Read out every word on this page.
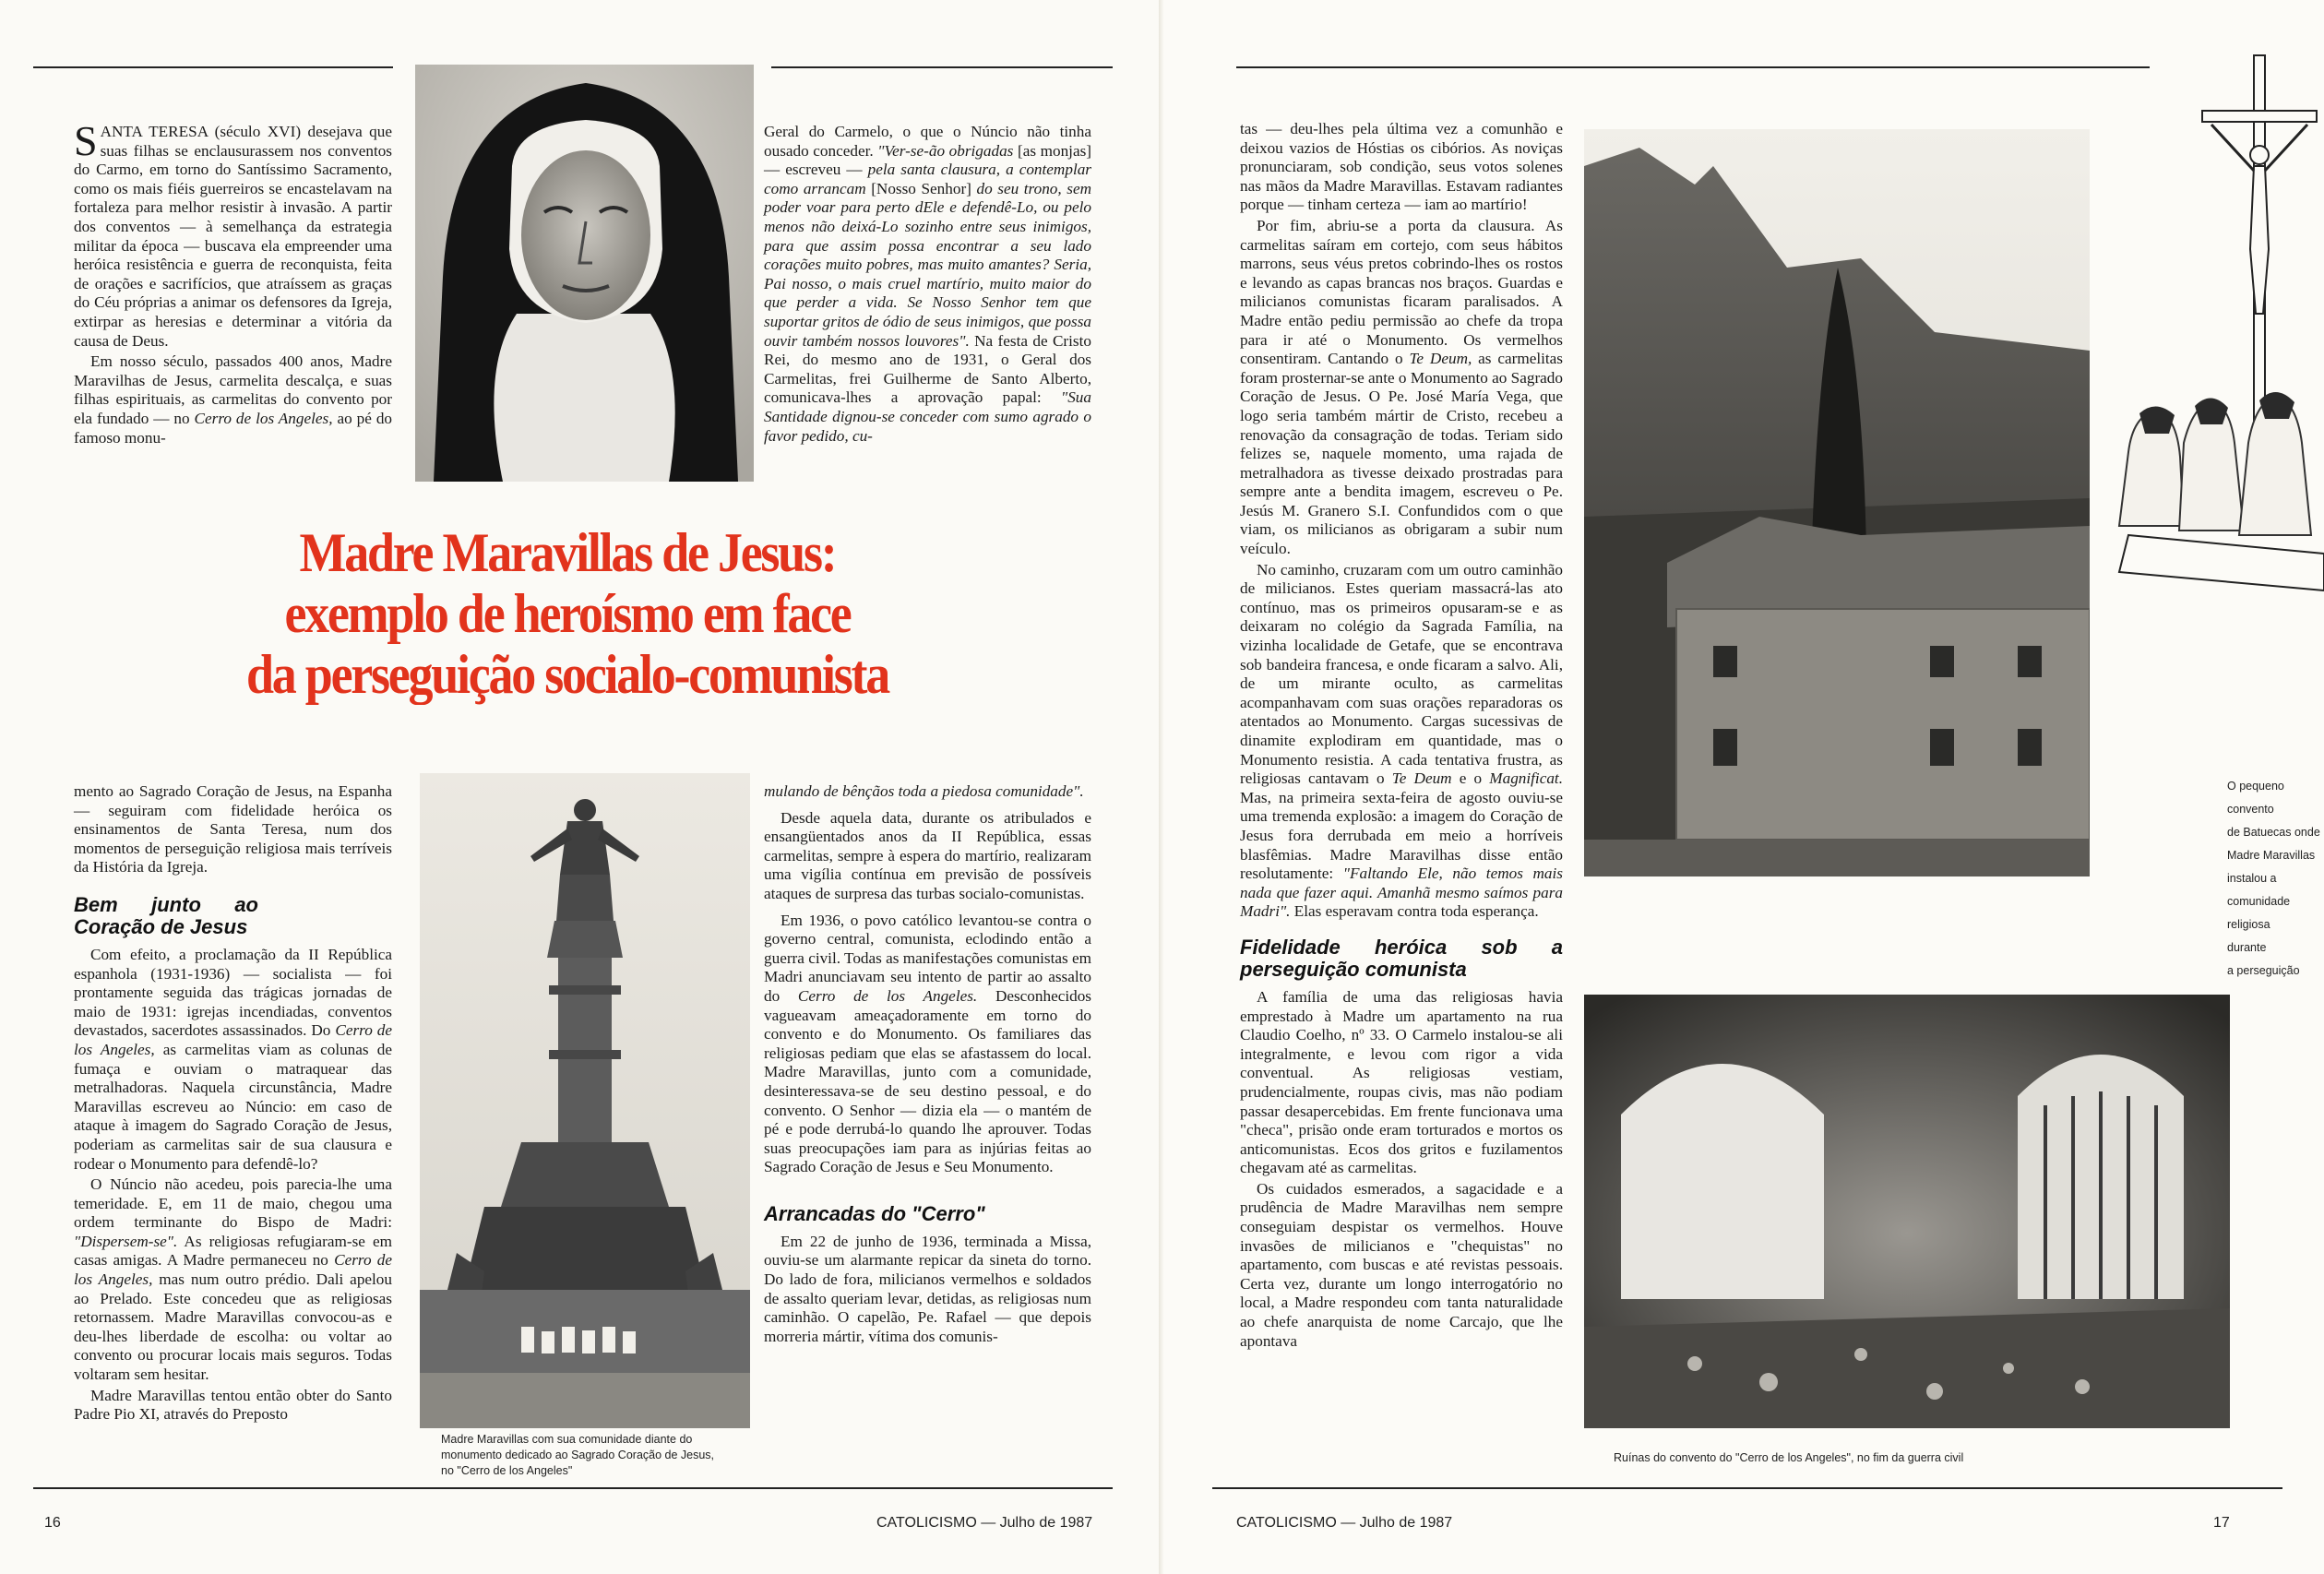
SANTA TERESA (século XVI) desejava que suas filhas se enclausurassem nos conventos do Carmo, em torno do Santíssimo Sacramento, como os mais fiéis guerreiros se encastelavam na fortaleza para melhor resistir à invasão. A partir dos conventos — à semelhança da estrategia militar da época — buscava ela empreender uma heróica resistência e guerra de reconquista, feita de orações e sacrifícios, que atraíssem as graças do Céu próprias a animar os defensores da Igreja, extirpar as heresias e determinar a vitória da causa de Deus.

Em nosso século, passados 400 anos, Madre Maravilhas de Jesus, carmelita descalça, e suas filhas espirituais, as carmelitas do convento por ela fundado — no Cerro de los Angeles, ao pé do famoso monu-

Geral do Carmelo, o que o Núncio não tinha ousado conceder. "Ver-se-ão obrigadas [as monjas] — escreveu — pela santa clausura, a contemplar como arrancam [Nosso Senhor] do seu trono, sem poder voar para perto dEle e defendê-Lo, ou pelo menos não deixá-Lo sozinho entre seus inimigos, para que assim possa encontrar a seu lado corações muito pobres, mas muito amantes? Seria, Pai nosso, o mais cruel martírio, muito maior do que perder a vida. Se Nosso Senhor tem que suportar gritos de ódio de seus inimigos, que possa ouvir também nossos louvores". Na festa de Cristo Rei, do mesmo ano de 1931, o Geral dos Carmelitas, frei Guilherme de Santo Alberto, comunicava-lhes a aprovação papal: "Sua Santidade dignou-se conceder com sumo agrado o favor pedido, cu-

Madre Maravillas de Jesus:
exemplo de heroísmo em face
da perseguição socialo-comunista

mento ao Sagrado Coração de Jesus, na Espanha — seguiram com fidelidade heróica os ensinamentos de Santa Teresa, num dos momentos de perseguição religiosa mais terríveis da História da Igreja.

Bem junto ao Coração de Jesus

Com efeito, a proclamação da II República espanhola (1931-1936) — socialista — foi prontamente seguida das trágicas jornadas de maio de 1931: igrejas incendiadas, conventos devastados, sacerdotes assassinados. Do Cerro de los Angeles, as carmelitas viam as colunas de fumaça e ouviam o matraquear das metralhadoras. Naquela circunstância, Madre Maravillas escreveu ao Núncio: em caso de ataque à imagem do Sagrado Coração de Jesus, poderiam as carmelitas sair de sua clausura e rodear o Monumento para defendê-lo?

O Núncio não acedeu, pois parecia-lhe uma temeridade. E, em 11 de maio, chegou uma ordem terminante do Bispo de Madri: "Dispersem-se". As religiosas refugiaram-se em casas amigas. A Madre permaneceu no Cerro de los Angeles, mas num outro prédio. Dali apelou ao Prelado. Este concedeu que as religiosas retornassem. Madre Maravillas convocou-as e deu-lhes liberdade de escolha: ou voltar ao convento ou procurar locais mais seguros. Todas voltaram sem hesitar.

Madre Maravillas tentou então obter do Santo Padre Pio XI, através do Preposto

Madre Maravillas com sua comunidade diante do monumento dedicado ao Sagrado Coração de Jesus, no "Cerro de los Angeles"

mulando de bênçãos toda a piedosa comunidade".

Desde aquela data, durante os atribulados e ensangüentados anos da II República, essas carmelitas, sempre à espera do martírio, realizaram uma vigília contínua em previsão de possíveis ataques de surpresa das turbas socialo-comunistas.

Em 1936, o povo católico levantou-se contra o governo central, comunista, eclodindo então a guerra civil. Todas as manifestações comunistas em Madri anunciavam seu intento de partir ao assalto do Cerro de los Angeles. Desconhecidos vagueavam ameaçadoramente em torno do convento e do Monumento. Os familiares das religiosas pediam que elas se afastassem do local. Madre Maravillas, junto com a comunidade, desinteressava-se de seu destino pessoal, e do convento. O Senhor — dizia ela — o mantém de pé e pode derrubá-lo quando lhe aprouver. Todas suas preocupações iam para as injúrias feitas ao Sagrado Coração de Jesus e Seu Monumento.

Arrancadas do "Cerro"

Em 22 de junho de 1936, terminada a Missa, ouviu-se um alarmante repicar da sineta do torno. Do lado de fora, milicianos vermelhos e soldados de assalto queriam levar, detidas, as religiosas num caminhão. O capelão, Pe. Rafael — que depois morreria mártir, vítima dos comunis-

16	CATOLICISMO — Julho de 1987
O pequeno convento
de Batuecas onde
Madre Maravillas
instalou a
comunidade religiosa
durante
a perseguição
Ruínas do convento do "Cerro de los Angeles", no fim da guerra civil

tas — deu-lhes pela última vez a comunhão e deixou vazios de Hóstias os cibórios. As noviças pronunciaram, sob condição, seus votos solenes nas mãos da Madre Maravillas. Estavam radiantes porque — tinham certeza — iam ao martírio!

Por fim, abriu-se a porta da clausura. As carmelitas saíram em cortejo, com seus hábitos marrons, seus véus pretos cobrindo-lhes os rostos e levando as capas brancas nos braços. Guardas e milicianos comunistas ficaram paralisados. A Madre então pediu permissão ao chefe da tropa para ir até o Monumento. Os vermelhos consentiram. Cantando o Te Deum, as carmelitas foram prosternar-se ante o Monumento ao Sagrado Coração de Jesus. O Pe. José María Vega, que logo seria também mártir de Cristo, recebeu a renovação da consagração de todas. Teriam sido felizes se, naquele momento, uma rajada de metralhadora as tivesse deixado prostradas para sempre ante a bendita imagem, escreveu o Pe. Jesús M. Granero S.I. Confundidos com o que viam, os milicianos as obrigaram a subir num veículo.

No caminho, cruzaram com um outro caminhão de milicianos. Estes queriam massacrá-las ato contínuo, mas os primeiros opusaram-se e as deixaram no colégio da Sagrada Família, na vizinha localidade de Getafe, que se encontrava sob bandeira francesa, e onde ficaram a salvo. Ali, de um mirante oculto, as carmelitas acompanhavam com suas orações reparadoras os atentados ao Monumento. Cargas sucessivas de dinamite explodiram em quantidade, mas o Monumento resistia. A cada tentativa frustra, as religiosas cantavam o Te Deum e o Magnificat. Mas, na primeira sexta-feira de agosto ouviu-se uma tremenda explosão: a imagem do Coração de Jesus fora derrubada em meio a horríveis blasfêmias. Madre Maravilhas disse então resolutamente: "Faltando Ele, não temos mais nada que fazer aqui. Amanhã mesmo saímos para Madri". Elas esperavam contra toda esperança.

Fidelidade heróica sob a perseguição comunista

A família de uma das religiosas havia emprestado à Madre um apartamento na rua Claudio Coelho, nº 33. O Carmelo instalou-se ali integralmente, e levou com rigor a vida conventual. As religiosas vestiam, prudencialmente, roupas civis, mas não podiam passar desapercebidas. Em frente funcionava uma "checa", prisão onde eram torturados e mortos os anticomunistas. Ecos dos gritos e fuzilamentos chegavam até as carmelitas.

Os cuidados esmerados, a sagacidade e a prudência de Madre Maravilhas nem sempre conseguiam despistar os vermelhos. Houve invasões de milicianos e "chequistas" no apartamento, com buscas e até revistas pessoais. Certa vez, durante um longo interrogatório no local, a Madre respondeu com tanta naturalidade ao chefe anarquista de nome Carcajo, que lhe apontava

CATOLICISMO — Julho de 1987	17
